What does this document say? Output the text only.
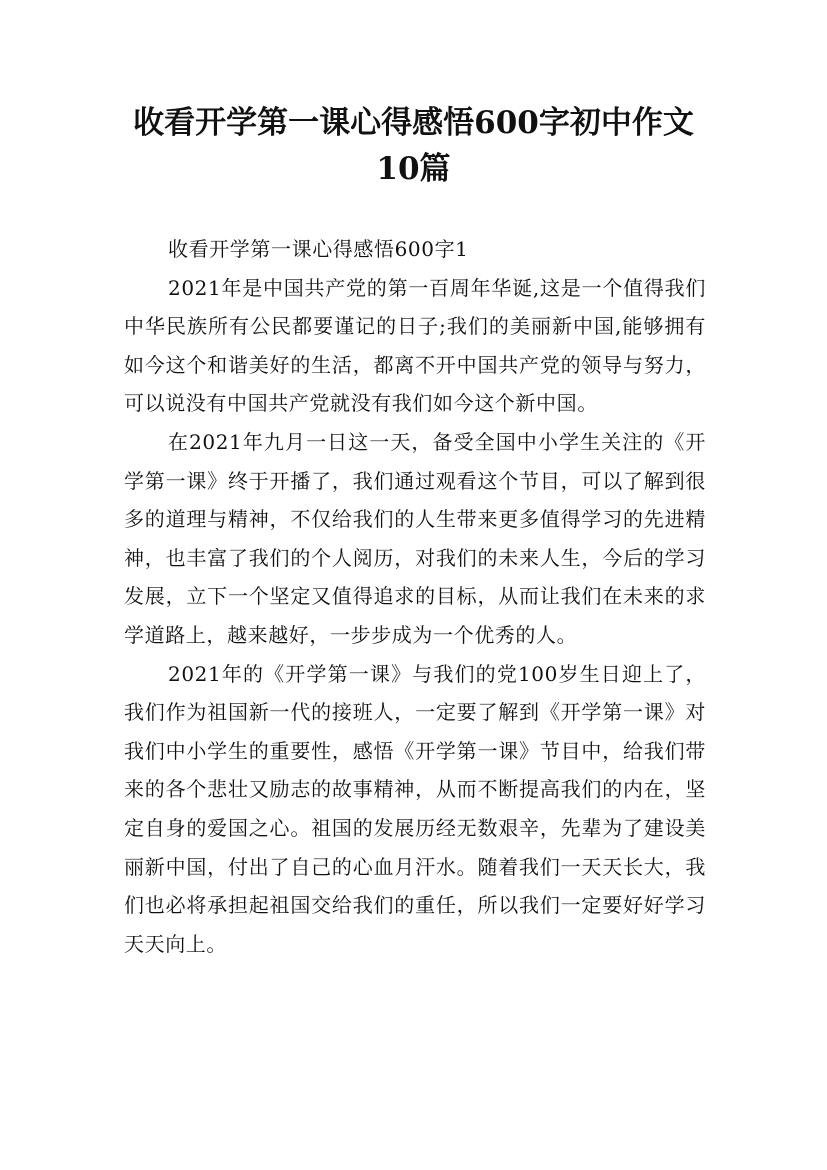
收看开学第一课心得感悟600字初中作文
10篇

收看开学第一课心得感悟600字1

2021年是中国共产党的第一百周年华诞,这是一个值得我们中华民族所有公民都要谨记的日子;我们的美丽新中国,能够拥有如今这个和谐美好的生活，都离不开中国共产党的领导与努力，可以说没有中国共产党就没有我们如今这个新中国。

在2021年九月一日这一天，备受全国中小学生关注的《开学第一课》终于开播了，我们通过观看这个节目，可以了解到很多的道理与精神，不仅给我们的人生带来更多值得学习的先进精神，也丰富了我们的个人阅历，对我们的未来人生，今后的学习发展，立下一个坚定又值得追求的目标，从而让我们在未来的求学道路上，越来越好，一步步成为一个优秀的人。

2021年的《开学第一课》与我们的党100岁生日迎上了，我们作为祖国新一代的接班人，一定要了解到《开学第一课》对我们中小学生的重要性，感悟《开学第一课》节目中，给我们带来的各个悲壮又励志的故事精神，从而不断提高我们的内在，坚定自身的爱国之心。祖国的发展历经无数艰辛，先辈为了建设美丽新中国，付出了自己的心血月汗水。随着我们一天天长大，我们也必将承担起祖国交给我们的重任，所以我们一定要好好学习天天向上。
